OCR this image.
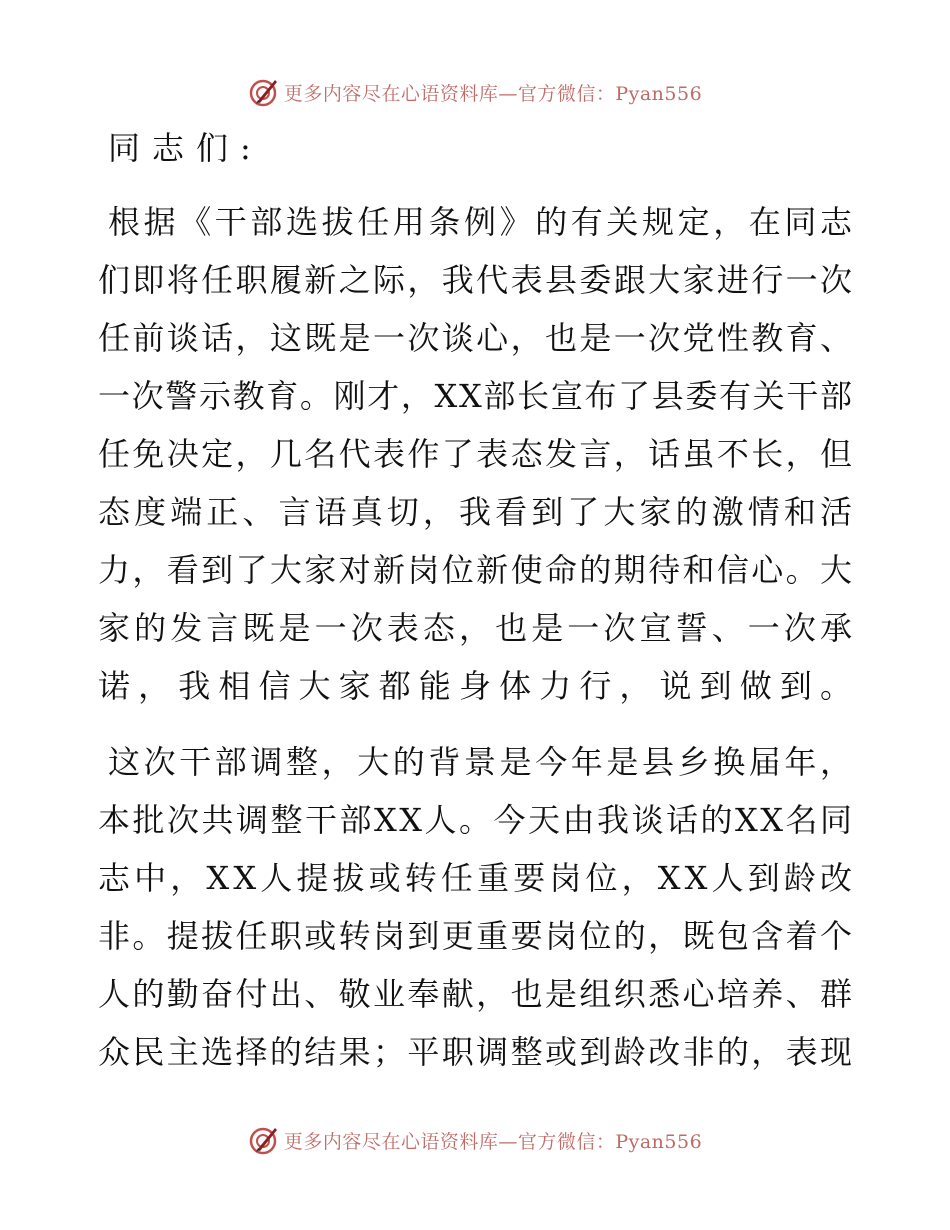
更多内容尽在心语资料库—官方微信：Pyan556
同志们:
根据《干部选拔任用条例》的有关规定，在同志
们即将任职履新之际，我代表县委跟大家进行一次
任前谈话，这既是一次谈心，也是一次党性教育、
一次警示教育。刚才，XX部长宣布了县委有关干部
任免决定，几名代表作了表态发言，话虽不长，但
态度端正、言语真切，我看到了大家的激情和活
力，看到了大家对新岗位新使命的期待和信心。大
家的发言既是一次表态，也是一次宣誓、一次承
诺，我相信大家都能身体力行，说到做到。
这次干部调整，大的背景是今年是县乡换届年，
本批次共调整干部XX人。今天由我谈话的XX名同
志中，XX人提拔或转任重要岗位，XX人到龄改
非。提拔任职或转岗到更重要岗位的，既包含着个
人的勤奋付出、敬业奉献，也是组织悉心培养、群
众民主选择的结果；平职调整或到龄改非的，表现
更多内容尽在心语资料库—官方微信：Pyan556
